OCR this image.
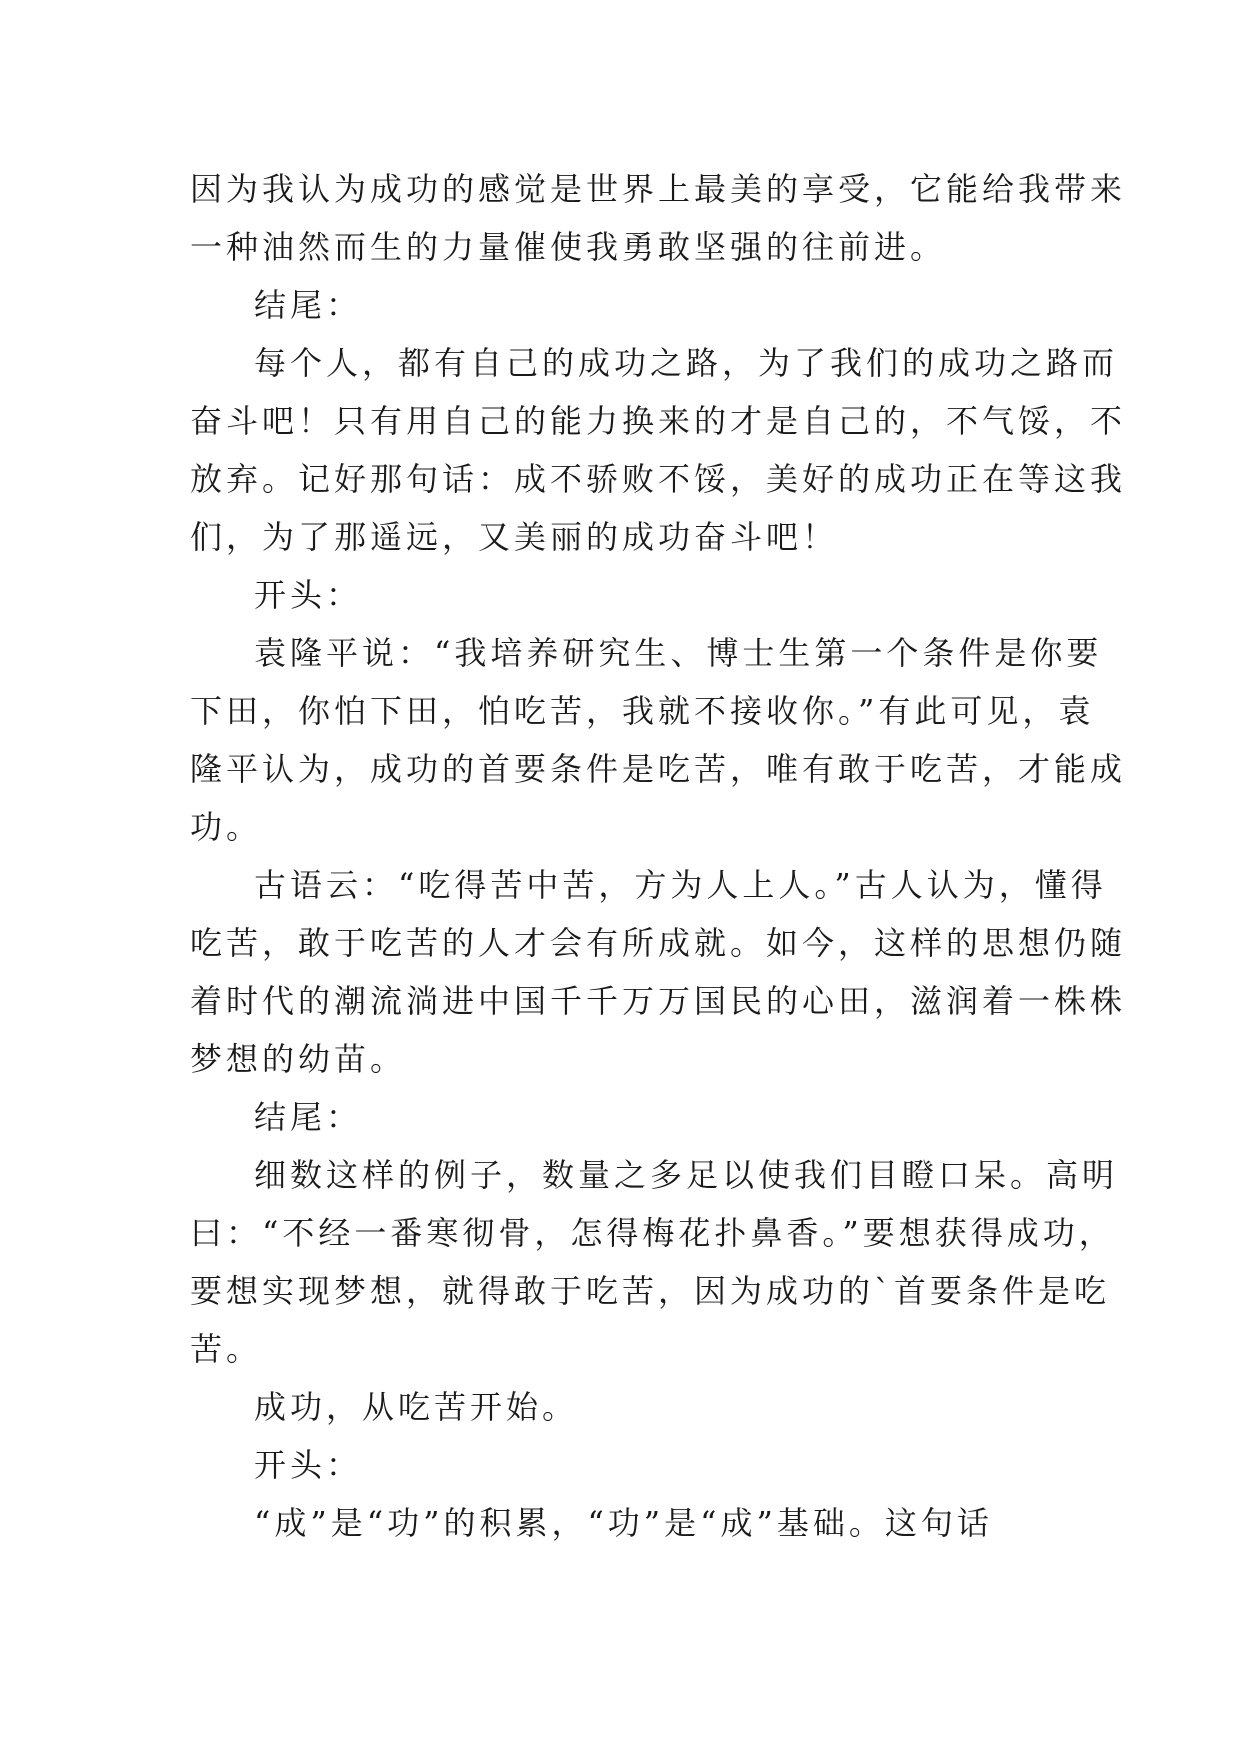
因为我认为成功的感觉是世界上最美的享受，它能给我带来
一种油然而生的力量催使我勇敢坚强的往前进。
结尾：
每个人，都有自己的成功之路，为了我们的成功之路而
奋斗吧！只有用自己的能力换来的才是自己的，不气馁，不
放弃。记好那句话：成不骄败不馁，美好的成功正在等这我
们，为了那遥远，又美丽的成功奋斗吧！
开头：
袁隆平说：“我培养研究生、博士生第一个条件是你要
下田，你怕下田，怕吃苦，我就不接收你。”有此可见，袁
隆平认为，成功的首要条件是吃苦，唯有敢于吃苦，才能成
功。
古语云：“吃得苦中苦，方为人上人。”古人认为，懂得
吃苦，敢于吃苦的人才会有所成就。如今，这样的思想仍随
着时代的潮流淌进中国千千万万国民的心田，滋润着一株株
梦想的幼苗。
结尾：
细数这样的例子，数量之多足以使我们目瞪口呆。高明
曰：“不经一番寒彻骨，怎得梅花扑鼻香。”要想获得成功，
要想实现梦想，就得敢于吃苦，因为成功的`首要条件是吃
苦。
成功，从吃苦开始。
开头：
“成”是“功”的积累，“功”是“成”基础。这句话
